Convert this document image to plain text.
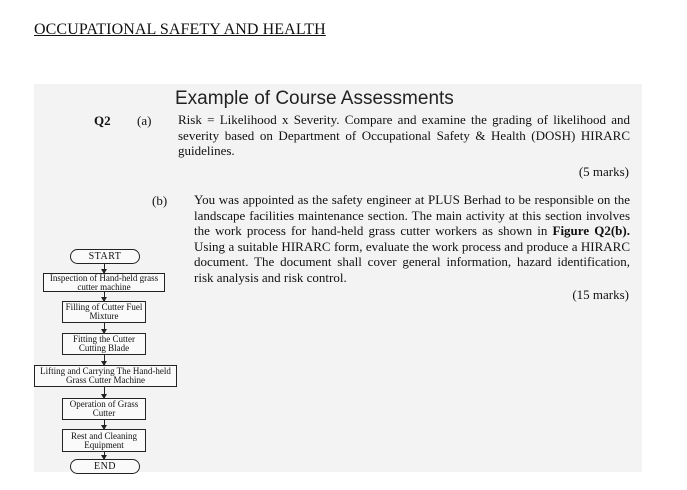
OCCUPATIONAL SAFETY AND HEALTH
Example of Course Assessments
Q2 (a) Risk = Likelihood x Severity. Compare and examine the grading of likelihood and severity based on Department of Occupational Safety & Health (DOSH) HIRARC guidelines.
(5 marks)
(b) You was appointed as the safety engineer at PLUS Berhad to be responsible on the landscape facilities maintenance section. The main activity at this section involves the work process for hand-held grass cutter workers as shown in Figure Q2(b). Using a suitable HIRARC form, evaluate the work process and produce a HIRARC document. The document shall cover general information, hazard identification, risk analysis and risk control.
(15 marks)
START
Inspection of Hand-held grass cutter machine
Filling of Cutter Fuel Mixture
Fitting the Cutter Cutting Blade
Lifting and Carrying The Hand-held Grass Cutter Machine
Operation of Grass Cutter
Rest and Cleaning Equipment
END
